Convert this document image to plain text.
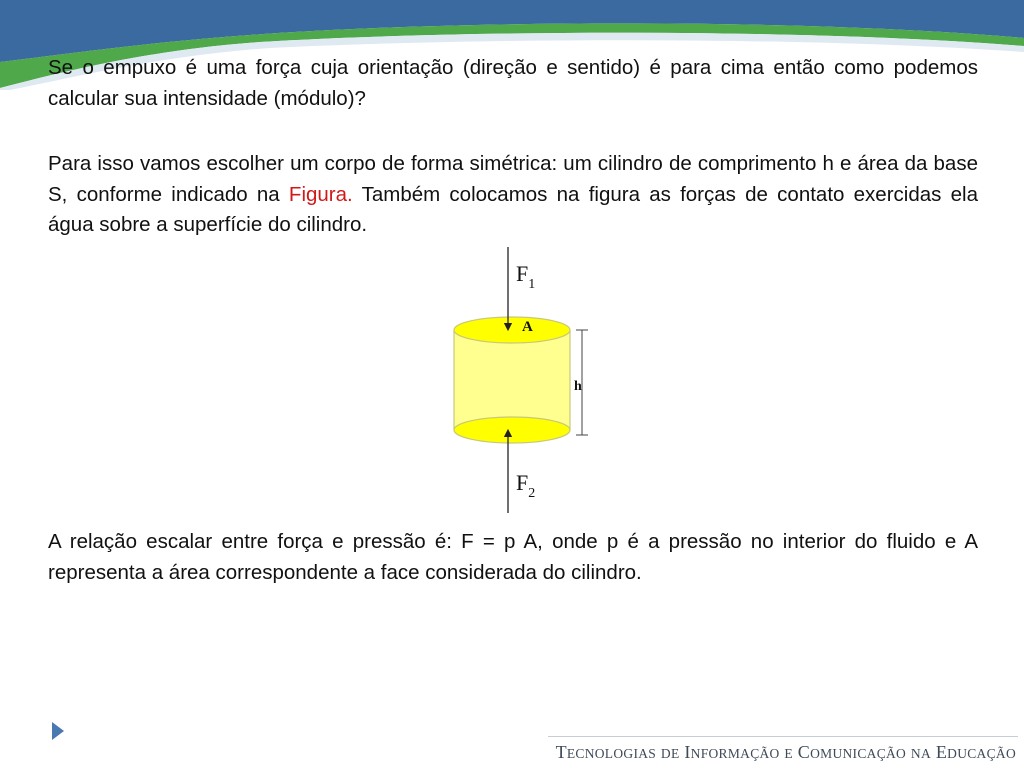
Se o empuxo é uma força cuja orientação (direção e sentido) é para cima então como podemos calcular sua intensidade (módulo)?

Para isso vamos escolher um corpo de forma simétrica: um cilindro de comprimento h e área da base S, conforme indicado na Figura. Também colocamos na figura as forças de contato exercidas ela água sobre a superfície do cilindro.

$F_1$
A
h
$F_2$

A relação escalar entre força e pressão é: F = p A, onde p é a pressão no interior do fluido e A representa a área correspondente a face considerada do cilindro.

TECNOLOGIAS DE INFORMAÇÃO E COMUNICAÇÃO NA EDUCAÇÃO
